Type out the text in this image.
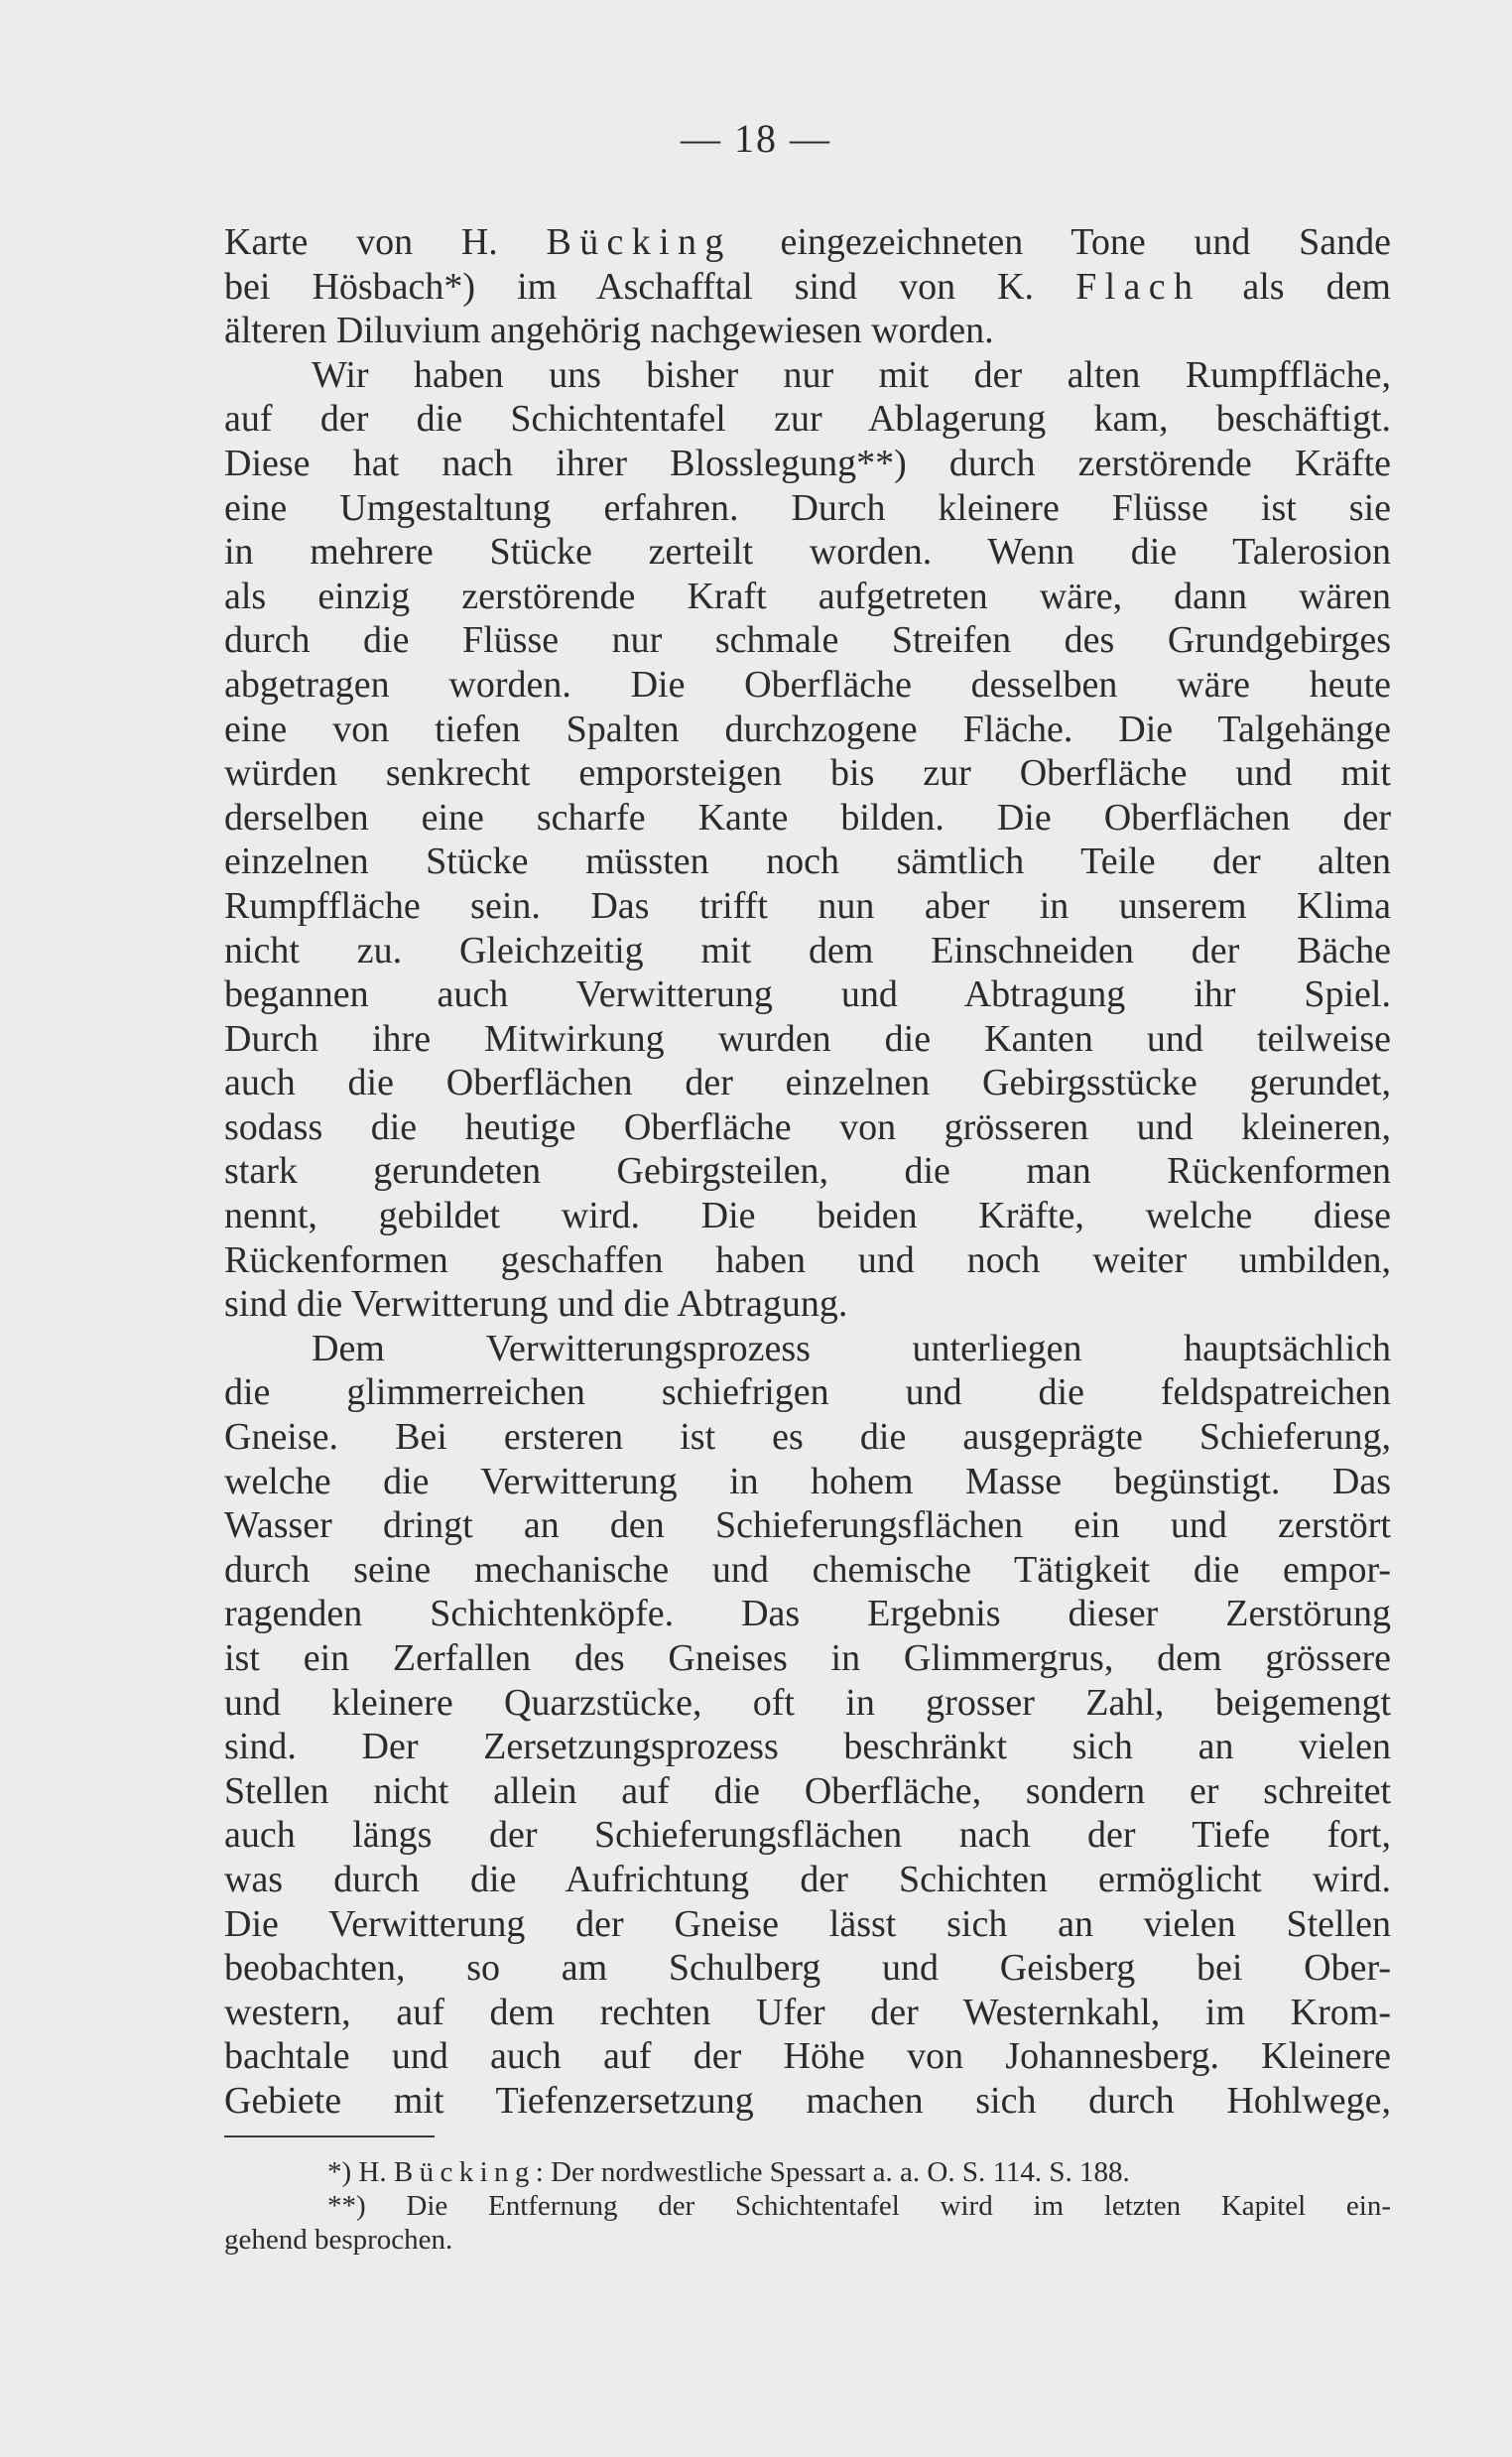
— 18 —
Karte von H. Bücking eingezeichneten Tone und Sande
bei Hösbach*) im Aschafftal sind von K. Flach als dem
älteren Diluvium angehörig nachgewiesen worden.
Wir haben uns bisher nur mit der alten Rumpffläche,
auf der die Schichtentafel zur Ablagerung kam, beschäftigt.
Diese hat nach ihrer Blosslegung**) durch zerstörende Kräfte
eine Umgestaltung erfahren. Durch kleinere Flüsse ist sie
in mehrere Stücke zerteilt worden. Wenn die Talerosion
als einzig zerstörende Kraft aufgetreten wäre, dann wären
durch die Flüsse nur schmale Streifen des Grundgebirges
abgetragen worden. Die Oberfläche desselben wäre heute
eine von tiefen Spalten durchzogene Fläche. Die Talgehänge
würden senkrecht emporsteigen bis zur Oberfläche und mit
derselben eine scharfe Kante bilden. Die Oberflächen der
einzelnen Stücke müssten noch sämtlich Teile der alten
Rumpffläche sein. Das trifft nun aber in unserem Klima
nicht zu. Gleichzeitig mit dem Einschneiden der Bäche
begannen auch Verwitterung und Abtragung ihr Spiel.
Durch ihre Mitwirkung wurden die Kanten und teilweise
auch die Oberflächen der einzelnen Gebirgsstücke gerundet,
sodass die heutige Oberfläche von grösseren und kleineren,
stark gerundeten Gebirgsteilen, die man Rückenformen
nennt, gebildet wird. Die beiden Kräfte, welche diese
Rückenformen geschaffen haben und noch weiter umbilden,
sind die Verwitterung und die Abtragung.
Dem Verwitterungsprozess unterliegen hauptsächlich
die glimmerreichen schiefrigen und die feldspatreichen
Gneise. Bei ersteren ist es die ausgeprägte Schieferung,
welche die Verwitterung in hohem Masse begünstigt. Das
Wasser dringt an den Schieferungsflächen ein und zerstört
durch seine mechanische und chemische Tätigkeit die empor-
ragenden Schichtenköpfe. Das Ergebnis dieser Zerstörung
ist ein Zerfallen des Gneises in Glimmergrus, dem grössere
und kleinere Quarzstücke, oft in grosser Zahl, beigemengt
sind. Der Zersetzungsprozess beschränkt sich an vielen
Stellen nicht allein auf die Oberfläche, sondern er schreitet
auch längs der Schieferungsflächen nach der Tiefe fort,
was durch die Aufrichtung der Schichten ermöglicht wird.
Die Verwitterung der Gneise lässt sich an vielen Stellen
beobachten, so am Schulberg und Geisberg bei Ober-
western, auf dem rechten Ufer der Westernkahl, im Krom-
bachtale und auch auf der Höhe von Johannesberg. Kleinere
Gebiete mit Tiefenzersetzung machen sich durch Hohlwege,
*) H. Bücking: Der nordwestliche Spessart a. a. O. S. 114. S. 188.
**) Die Entfernung der Schichtentafel wird im letzten Kapitel ein-
gehend besprochen.
